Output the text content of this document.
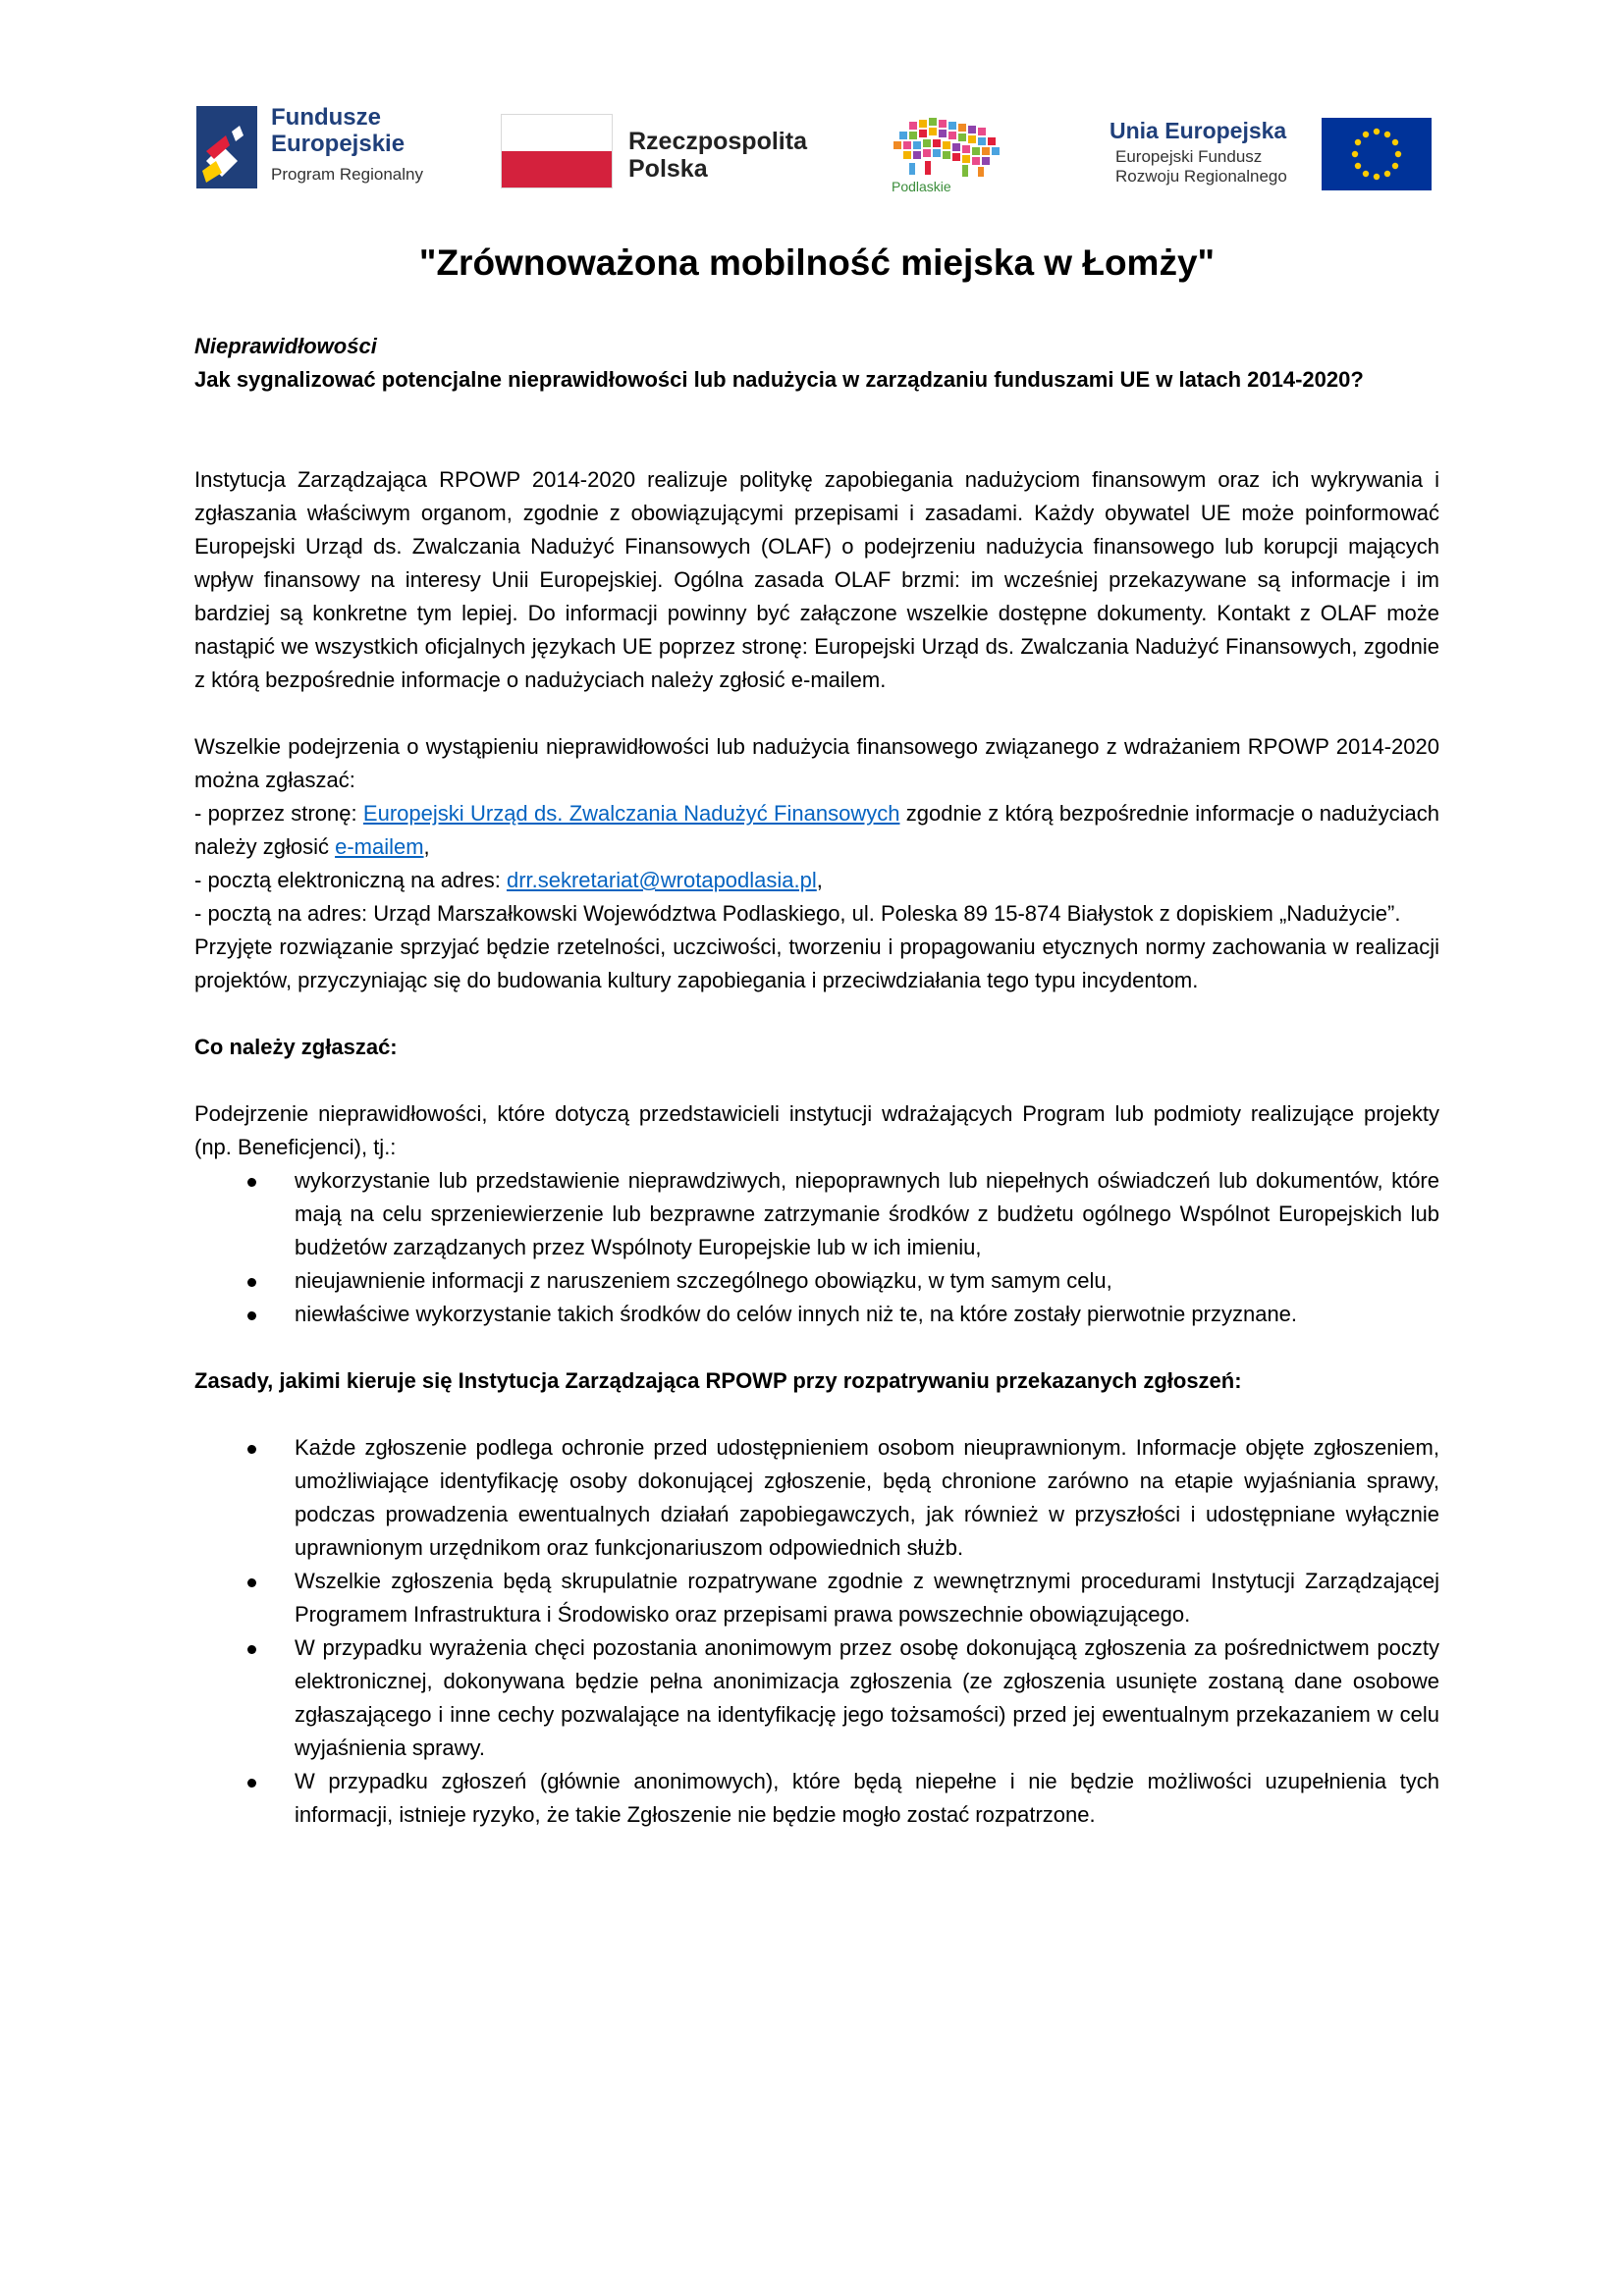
Fundusze
Europejskie
Program Regionalny
Rzeczpospolita
Polska
Podlaskie
Unia Europejska
Europejski Fundusz
Rozwoju Regionalnego
"Zrównoważona mobilność miejska w Łomży"

Nieprawidłowości

Jak sygnalizować potencjalne nieprawidłowości lub nadużycia w zarządzaniu funduszami UE w latach 2014-2020?

Instytucja Zarządzająca RPOWP 2014-2020 realizuje politykę zapobiegania nadużyciom finansowym oraz ich wykrywania i zgłaszania właściwym organom, zgodnie z obowiązującymi przepisami i zasadami. Każdy obywatel UE może poinformować Europejski Urząd ds. Zwalczania Nadużyć Finansowych (OLAF) o podejrzeniu nadużycia finansowego lub korupcji mających wpływ finansowy na interesy Unii Europejskiej. Ogólna zasada OLAF brzmi: im wcześniej przekazywane są informacje i im bardziej są konkretne tym lepiej. Do informacji powinny być załączone wszelkie dostępne dokumenty. Kontakt z OLAF może nastąpić we wszystkich oficjalnych językach UE poprzez stronę: Europejski Urząd ds. Zwalczania Nadużyć Finansowych, zgodnie z którą bezpośrednie informacje o nadużyciach należy zgłosić e-mailem.

Wszelkie podejrzenia o wystąpieniu nieprawidłowości lub nadużycia finansowego związanego z wdrażaniem RPOWP 2014-2020 można zgłaszać:

- poprzez stronę: Europejski Urząd ds. Zwalczania Nadużyć Finansowych zgodnie z którą bezpośrednie informacje o nadużyciach należy zgłosić e-mailem,

- pocztą elektroniczną na adres: drr.sekretariat@wrotapodlasia.pl,

- pocztą na adres: Urząd Marszałkowski Województwa Podlaskiego, ul. Poleska 89 15-874 Białystok z dopiskiem „Nadużycie”.

Przyjęte rozwiązanie sprzyjać będzie rzetelności, uczciwości, tworzeniu i propagowaniu etycznych normy zachowania w realizacji projektów, przyczyniając się do budowania kultury zapobiegania i przeciwdziałania tego typu incydentom.

Co należy zgłaszać:

Podejrzenie nieprawidłowości, które dotyczą przedstawicieli instytucji wdrażających Program lub podmioty realizujące projekty (np. Beneficjenci), tj.:

wykorzystanie lub przedstawienie nieprawdziwych, niepoprawnych lub niepełnych oświadczeń lub dokumentów, które mają na celu sprzeniewierzenie lub bezprawne zatrzymanie środków z budżetu ogólnego Wspólnot Europejskich lub budżetów zarządzanych przez Wspólnoty Europejskie lub w ich imieniu,
nieujawnienie informacji z naruszeniem szczególnego obowiązku, w tym samym celu,
niewłaściwe wykorzystanie takich środków do celów innych niż te, na które zostały pierwotnie przyznane.

Zasady, jakimi kieruje się Instytucja Zarządzająca RPOWP przy rozpatrywaniu przekazanych zgłoszeń:

Każde zgłoszenie podlega ochronie przed udostępnieniem osobom nieuprawnionym. Informacje objęte zgłoszeniem, umożliwiające identyfikację osoby dokonującej zgłoszenie, będą chronione zarówno na etapie wyjaśniania sprawy, podczas prowadzenia ewentualnych działań zapobiegawczych, jak również w przyszłości i udostępniane wyłącznie uprawnionym urzędnikom oraz funkcjonariuszom odpowiednich służb.
Wszelkie zgłoszenia będą skrupulatnie rozpatrywane zgodnie z wewnętrznymi procedurami Instytucji Zarządzającej Programem Infrastruktura i Środowisko oraz przepisami prawa powszechnie obowiązującego.
W przypadku wyrażenia chęci pozostania anonimowym przez osobę dokonującą zgłoszenia za pośrednictwem poczty elektronicznej, dokonywana będzie pełna anonimizacja zgłoszenia (ze zgłoszenia usunięte zostaną dane osobowe zgłaszającego i inne cechy pozwalające na identyfikację jego tożsamości) przed jej ewentualnym przekazaniem w celu wyjaśnienia sprawy.
W przypadku zgłoszeń (głównie anonimowych), które będą niepełne i nie będzie możliwości uzupełnienia tych informacji, istnieje ryzyko, że takie Zgłoszenie nie będzie mogło zostać rozpatrzone.
